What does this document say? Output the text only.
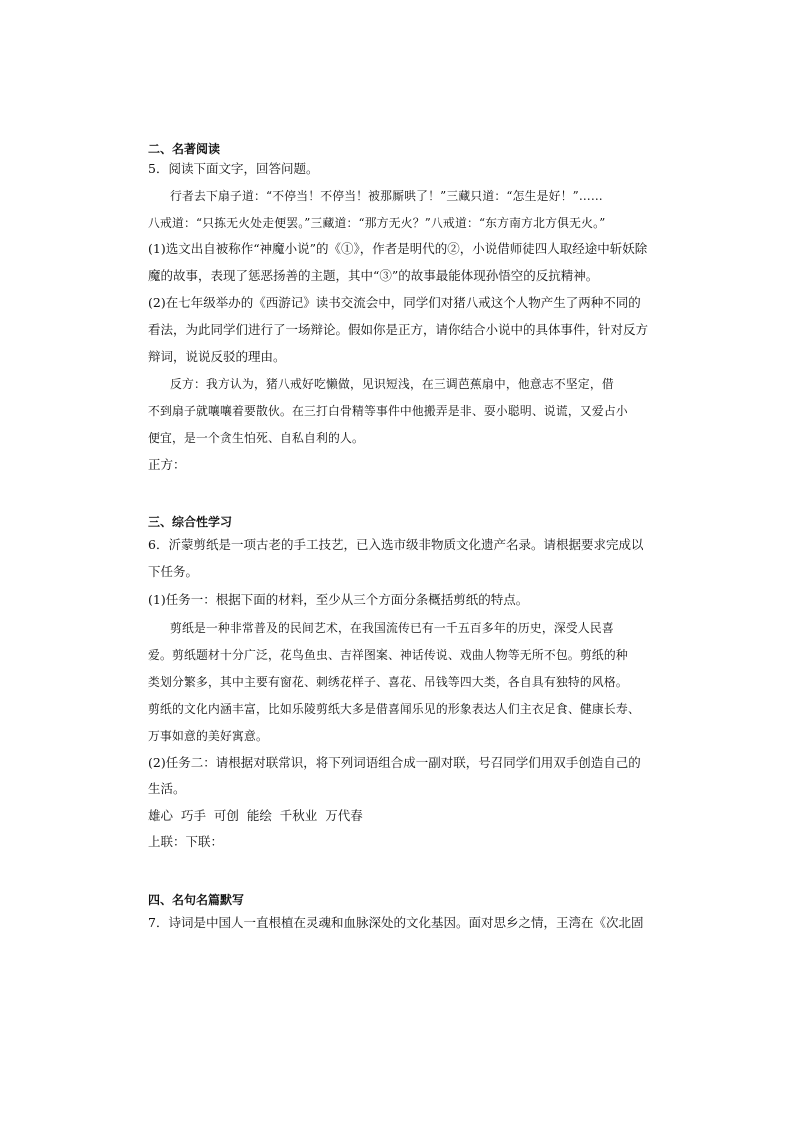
二、名著阅读
5．阅读下面文字，回答问题。
行者去下扇子道：“不停当！不停当！被那厮哄了！”三藏只道：“怎生是好！”……
八戒道：“只拣无火处走便罢。”三藏道：“那方无火？”八戒道：“东方南方北方俱无火。”
(1)选文出自被称作“神魔小说”的《①》，作者是明代的②，小说借师徒四人取经途中斩妖除
魔的故事，表现了惩恶扬善的主题，其中“③”的故事最能体现孙悟空的反抗精神。
(2)在七年级举办的《西游记》读书交流会中，同学们对猪八戒这个人物产生了两种不同的
看法，为此同学们进行了一场辩论。假如你是正方，请你结合小说中的具体事件，针对反方
辩词，说说反驳的理由。
反方：我方认为，猪八戒好吃懒做，见识短浅，在三调芭蕉扇中，他意志不坚定，借
不到扇子就嚷嚷着要散伙。在三打白骨精等事件中他搬弄是非、耍小聪明、说谎，又爱占小
便宜，是一个贪生怕死、自私自利的人。
正方：
三、综合性学习
6．沂蒙剪纸是一项古老的手工技艺，已入选市级非物质文化遗产名录。请根据要求完成以
下任务。
(1)任务一：根据下面的材料，至少从三个方面分条概括剪纸的特点。
剪纸是一种非常普及的民间艺术，在我国流传已有一千五百多年的历史，深受人民喜
爱。剪纸题材十分广泛，花鸟鱼虫、吉祥图案、神话传说、戏曲人物等无所不包。剪纸的种
类划分繁多，其中主要有窗花、刺绣花样子、喜花、吊钱等四大类，各自具有独特的风格。
剪纸的文化内涵丰富，比如乐陵剪纸大多是借喜闻乐见的形象表达人们主衣足食、健康长寿、
万事如意的美好寓意。
(2)任务二：请根据对联常识，将下列词语组合成一副对联，号召同学们用双手创造自己的
生活。
雄心  巧手  可创  能绘  千秋业  万代春
上联：下联：
四、名句名篇默写
7．诗词是中国人一直根植在灵魂和血脉深处的文化基因。面对思乡之情，王湾在《次北固
